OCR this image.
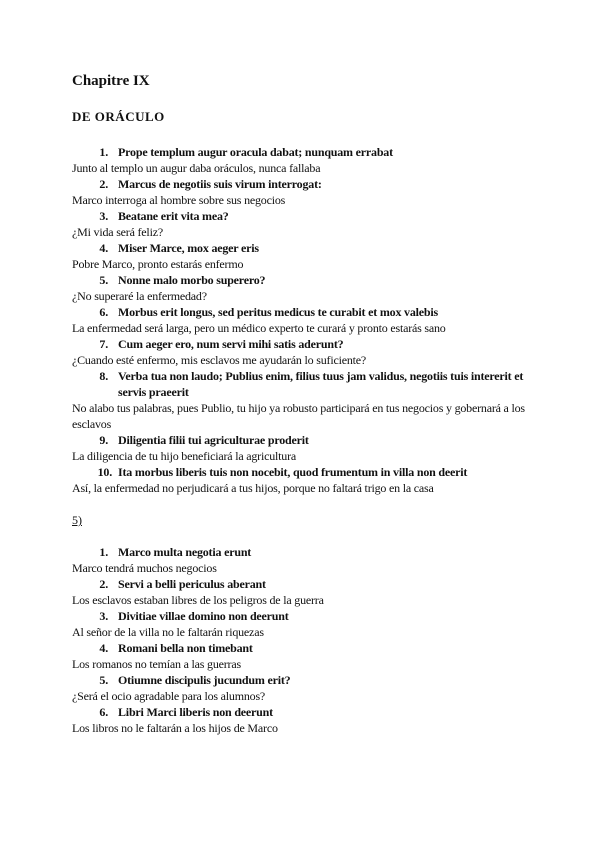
Chapitre IX
DE ORÁCULO
1. Prope templum augur oracula dabat; nunquam errabat
Junto al templo un augur daba oráculos, nunca fallaba
2. Marcus de negotiis suis virum interrogat:
Marco interroga al hombre sobre sus negocios
3. Beatane erit vita mea?
¿Mi vida será feliz?
4. Miser Marce, mox aeger eris
Pobre Marco, pronto estarás enfermo
5. Nonne malo morbo superero?
¿No superaré la enfermedad?
6. Morbus erit longus, sed peritus medicus te curabit et mox valebis
La enfermedad será larga, pero un médico experto te curará y pronto estarás sano
7. Cum aeger ero, num servi mihi satis aderunt?
¿Cuando esté enfermo, mis esclavos me ayudarán lo suficiente?
8. Verba tua non laudo; Publius enim, filius tuus jam validus, negotiis tuis intererit et servis praeerit
No alabo tus palabras, pues Publio, tu hijo ya robusto participará en tus negocios y gobernará a los esclavos
9. Diligentia filii tui agriculturae proderit
La diligencia de tu hijo beneficiará la agricultura
10. Ita morbus liberis tuis non nocebit, quod frumentum in villa non deerit
Así, la enfermedad no perjudicará a tus hijos, porque no faltará trigo en la casa
5)
1. Marco multa negotia erunt
Marco tendrá muchos negocios
2. Servi a belli periculus aberant
Los esclavos estaban libres de los peligros de la guerra
3. Divitiae villae domino non deerunt
Al señor de la villa no le faltarán riquezas
4. Romani bella non timebant
Los romanos no temían a las guerras
5. Otiumne discipulis jucundum erit?
¿Será el ocio agradable para los alumnos?
6. Libri Marci liberis non deerunt
Los libros no le faltarán a los hijos de Marco
